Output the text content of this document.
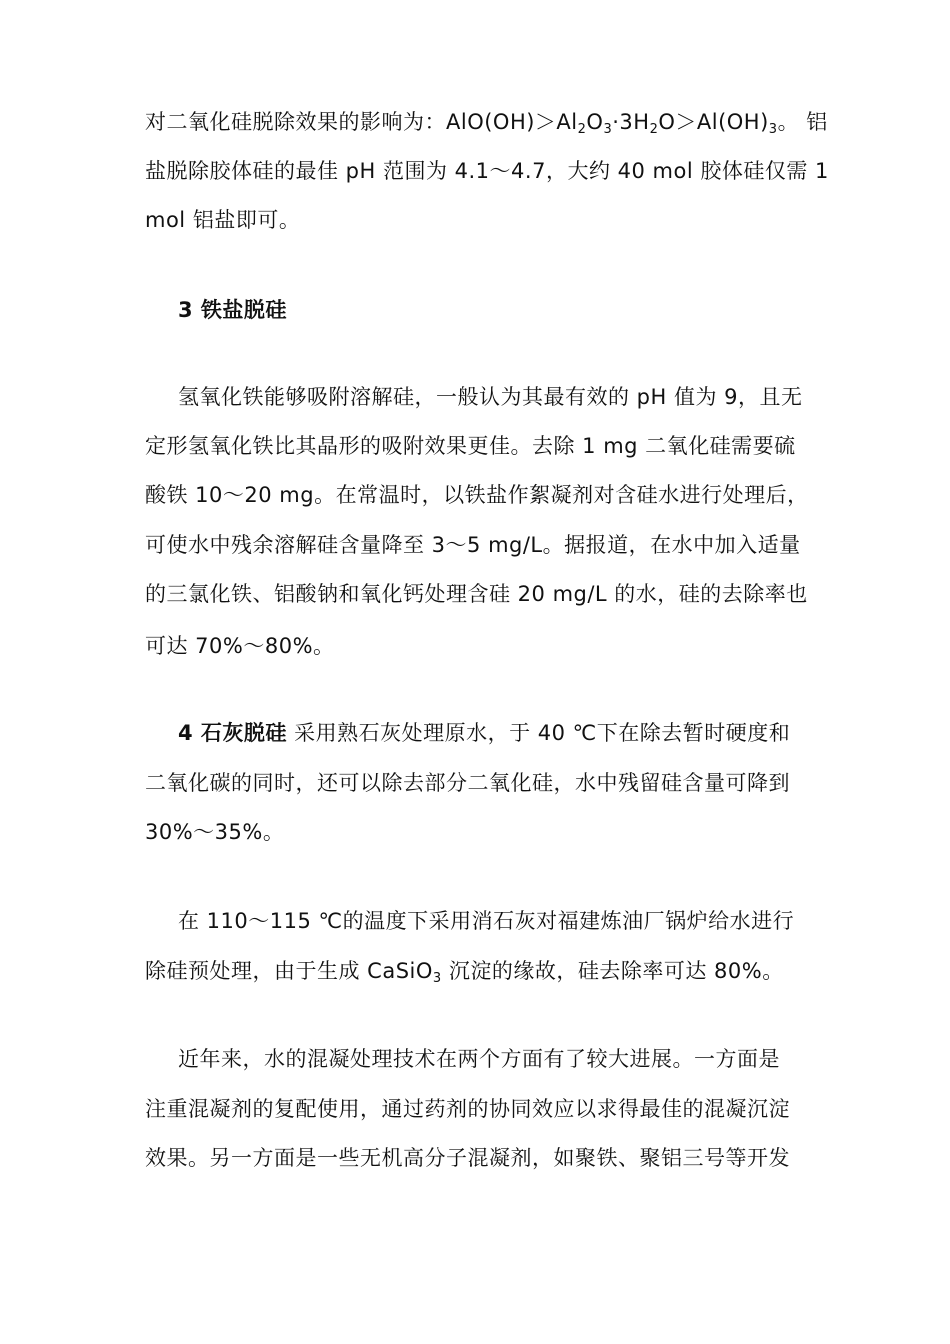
对二氧化硅脱除效果的影响为：$AlO(OH)>Al_2O_3\cdot 3H_2O>Al(OH)_3$。 铝
盐脱除胶体硅的最佳 pH 范围为 4.1～4.7，大约 40 mol 胶体硅仅需 1
mol 铝盐即可。
3 铁盐脱硅
氢氧化铁能够吸附溶解硅，一般认为其最有效的 pH 值为 9，且无
定形氢氧化铁比其晶形的吸附效果更佳。去除 1 mg 二氧化硅需要硫
酸铁 10～20 mg。在常温时，以铁盐作絮凝剂对含硅水进行处理后，
可使水中残余溶解硅含量降至 3～5 mg/L。据报道，在水中加入适量
的三氯化铁、铝酸钠和氧化钙处理含硅 20 mg/L 的水，硅的去除率也
可达 70%～80%。
4 石灰脱硅 采用熟石灰处理原水，于 40 ℃下在除去暂时硬度和
二氧化碳的同时，还可以除去部分二氧化硅，水中残留硅含量可降到
30%～35%。
在 110～115 ℃的温度下采用消石灰对福建炼油厂锅炉给水进行
除硅预处理，由于生成 CaSiO$_3$ 沉淀的缘故，硅去除率可达 80%。
近年来，水的混凝处理技术在两个方面有了较大进展。一方面是
注重混凝剂的复配使用，通过药剂的协同效应以求得最佳的混凝沉淀
效果。另一方面是一些无机高分子混凝剂，如聚铁、聚铝三号等开发
